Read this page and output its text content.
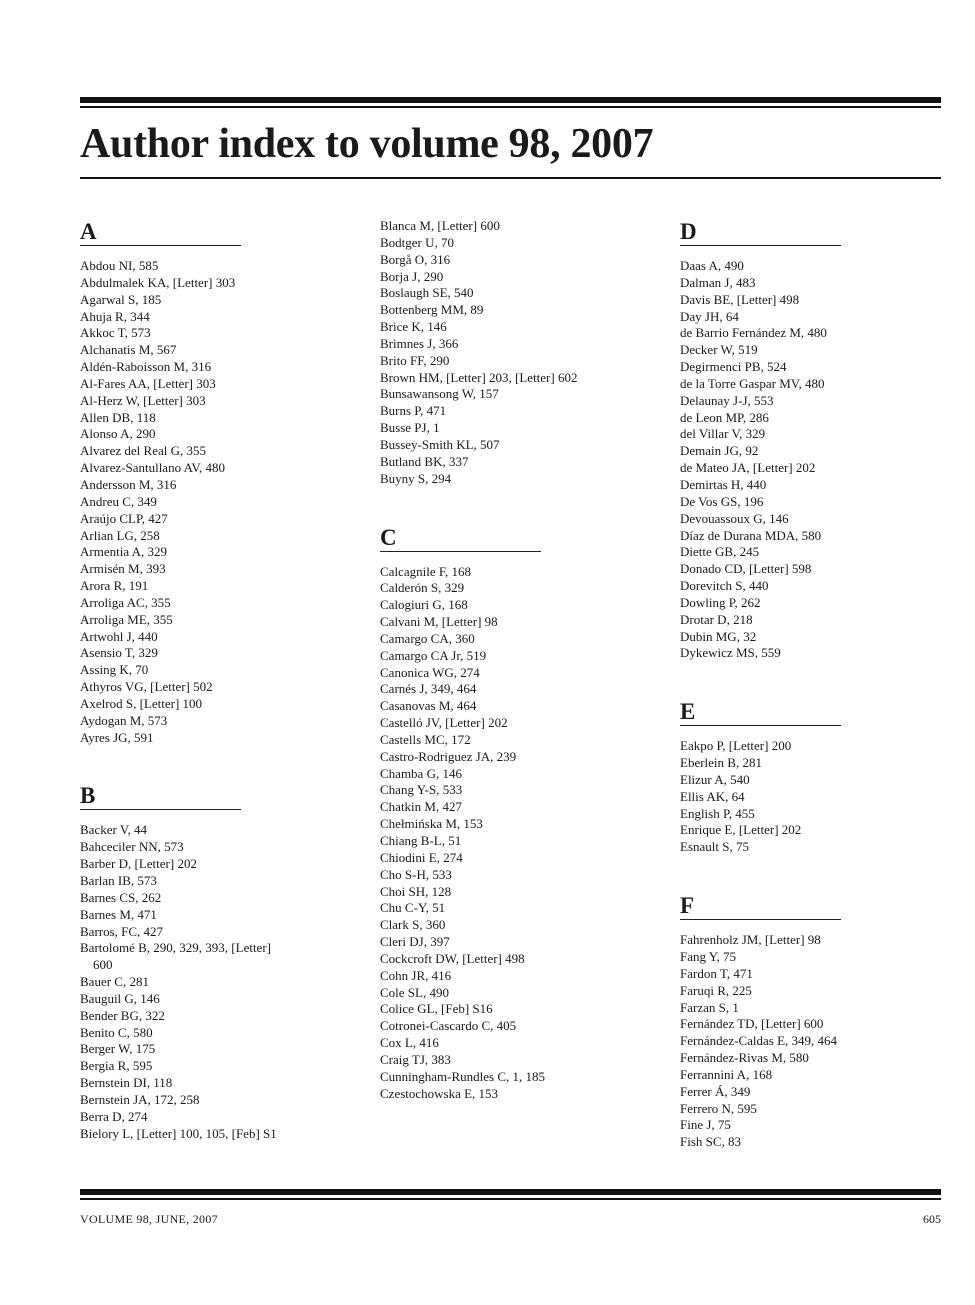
Author index to volume 98, 2007
A
Abdou NI, 585
Abdulmalek KA, [Letter] 303
Agarwal S, 185
Ahuja R, 344
Akkoc T, 573
Alchanatis M, 567
Aldén-Raboisson M, 316
Al-Fares AA, [Letter] 303
Al-Herz W, [Letter] 303
Allen DB, 118
Alonso A, 290
Alvarez del Real G, 355
Alvarez-Santullano AV, 480
Andersson M, 316
Andreu C, 349
Araújo CLP, 427
Arlian LG, 258
Armentia A, 329
Armisén M, 393
Arora R, 191
Arroliga AC, 355
Arroliga ME, 355
Artwohl J, 440
Asensio T, 329
Assing K, 70
Athyros VG, [Letter] 502
Axelrod S, [Letter] 100
Aydogan M, 573
Ayres JG, 591
B
Backer V, 44
Bahceciler NN, 573
Barber D, [Letter] 202
Barlan IB, 573
Barnes CS, 262
Barnes M, 471
Barros, FC, 427
Bartolomé B, 290, 329, 393, [Letter] 600
Bauer C, 281
Bauguil G, 146
Bender BG, 322
Benito C, 580
Berger W, 175
Bergia R, 595
Bernstein DI, 118
Bernstein JA, 172, 258
Berra D, 274
Bielory L, [Letter] 100, 105, [Feb] S1
Blanca M, [Letter] 600
Bodtger U, 70
Borgå O, 316
Borja J, 290
Boslaugh SE, 540
Bottenberg MM, 89
Brice K, 146
Brimnes J, 366
Brito FF, 290
Brown HM, [Letter] 203, [Letter] 602
Bunsawansong W, 157
Burns P, 471
Busse PJ, 1
Bussey-Smith KL, 507
Butland BK, 337
Buyny S, 294
C
Calcagnile F, 168
Calderón S, 329
Calogiuri G, 168
Calvani M, [Letter] 98
Camargo CA, 360
Camargo CA Jr, 519
Canonica WG, 274
Carnés J, 349, 464
Casanovas M, 464
Castelló JV, [Letter] 202
Castells MC, 172
Castro-Rodriguez JA, 239
Chamba G, 146
Chang Y-S, 533
Chatkin M, 427
Chełmińska M, 153
Chiang B-L, 51
Chiodini E, 274
Cho S-H, 533
Choi SH, 128
Chu C-Y, 51
Clark S, 360
Cleri DJ, 397
Cockcroft DW, [Letter] 498
Cohn JR, 416
Cole SL, 490
Colice GL, [Feb] S16
Cotronei-Cascardo C, 405
Cox L, 416
Craig TJ, 383
Cunningham-Rundles C, 1, 185
Czestochowska E, 153
D
Daas A, 490
Dalman J, 483
Davis BE, [Letter] 498
Day JH, 64
de Barrio Fernández M, 480
Decker W, 519
Degirmenci PB, 524
de la Torre Gaspar MV, 480
Delaunay J-J, 553
de Leon MP, 286
del Villar V, 329
Demain JG, 92
de Mateo JA, [Letter] 202
Demirtas H, 440
De Vos GS, 196
Devouassoux G, 146
Díaz de Durana MDA, 580
Diette GB, 245
Donado CD, [Letter] 598
Dorevitch S, 440
Dowling P, 262
Drotar D, 218
Dubin MG, 32
Dykewicz MS, 559
E
Eakpo P, [Letter] 200
Eberlein B, 281
Elizur A, 540
Ellis AK, 64
English P, 455
Enrique E, [Letter] 202
Esnault S, 75
F
Fahrenholz JM, [Letter] 98
Fang Y, 75
Fardon T, 471
Faruqi R, 225
Farzan S, 1
Fernández TD, [Letter] 600
Fernández-Caldas E, 349, 464
Fernández-Rivas M, 580
Ferrannini A, 168
Ferrer Á, 349
Ferrero N, 595
Fine J, 75
Fish SC, 83
VOLUME 98, JUNE, 2007	605
